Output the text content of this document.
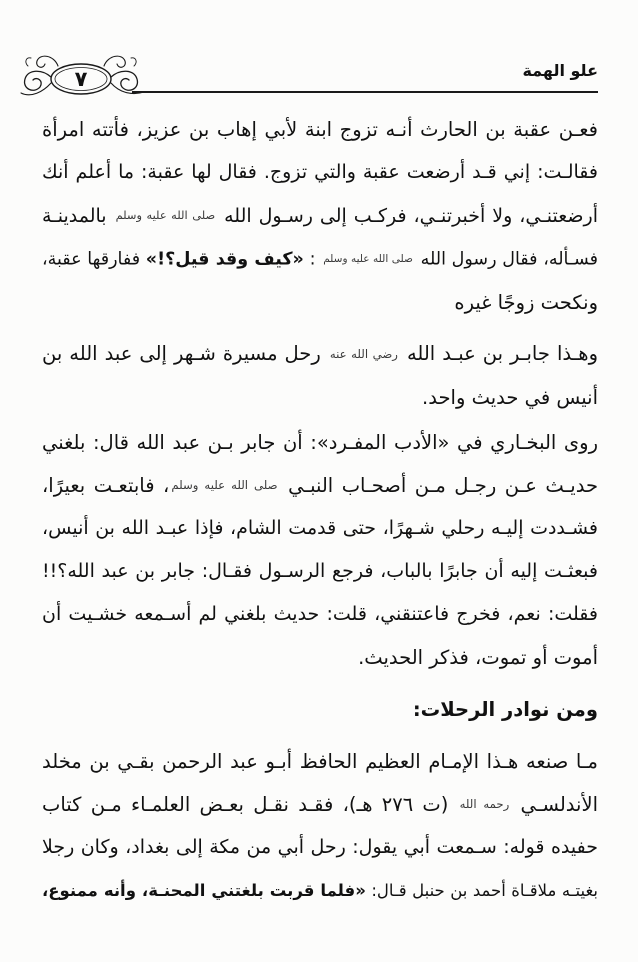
٧	علو الهمة
فعـن عقبة بن الحارث أنـه تزوج ابنة لأبي إهاب بن عزيز، فأتته امرأة
فقالـت: إني قـد أرضعت عقبة والتي تزوج. فقال لها عقبة: ما أعلم أنك
أرضعتنـي، ولا أخبرتنـي، فركـب إلى رسـول الله صلى الله عليه وسلم بالمدينـة
فسـأله، فقال رسول الله صلى الله عليه وسلم : «كيف وقد قيل؟!» ففارقها عقبة،
ونكحت زوجًا غيره
وهـذا جابـر بن عبـد الله رضي الله عنه رحل مسيرة شـهر إلى عبد الله بن
أنيس في حديث واحد.
روى البخـاري في «الأدب المفـرد»: أن جابر بـن عبد الله قال: بلغني
حديـث عـن رجـل مـن أصحـاب النبـي صلى الله عليه وسلم، فابتعـت بعيرًا،
فشـددت إليـه رحلي شـهرًا، حتى قدمت الشام، فإذا عبـد الله بن أنيس،
فبعثـت إليه أن جابرًا بالباب، فرجع الرسـول فقـال: جابر بن عبد الله؟!!
فقلت: نعم، فخرج فاعتنقني، قلت: حديث بلغني لم أسـمعه خشـيت أن
أموت أو تموت، فذكر الحديث.
ومن نوادر الرحلات:
مـا صنعه هـذا الإمـام العظيم الحافظ أبـو عبد الرحمن بقـي بن مخلد
الأندلسـي رحمه الله (ت ٢٧٦ هـ)، فقـد نقـل بعـض العلمـاء مـن كتاب
حفيده قوله: سـمعت أبي يقول: رحل أبي من مكة إلى بغداد، وكان رجلا
بغيتـه ملاقـاة أحمد بن حنبل قـال: «فلما قربت بلغتني المحنـة، وأنه ممنوع،
